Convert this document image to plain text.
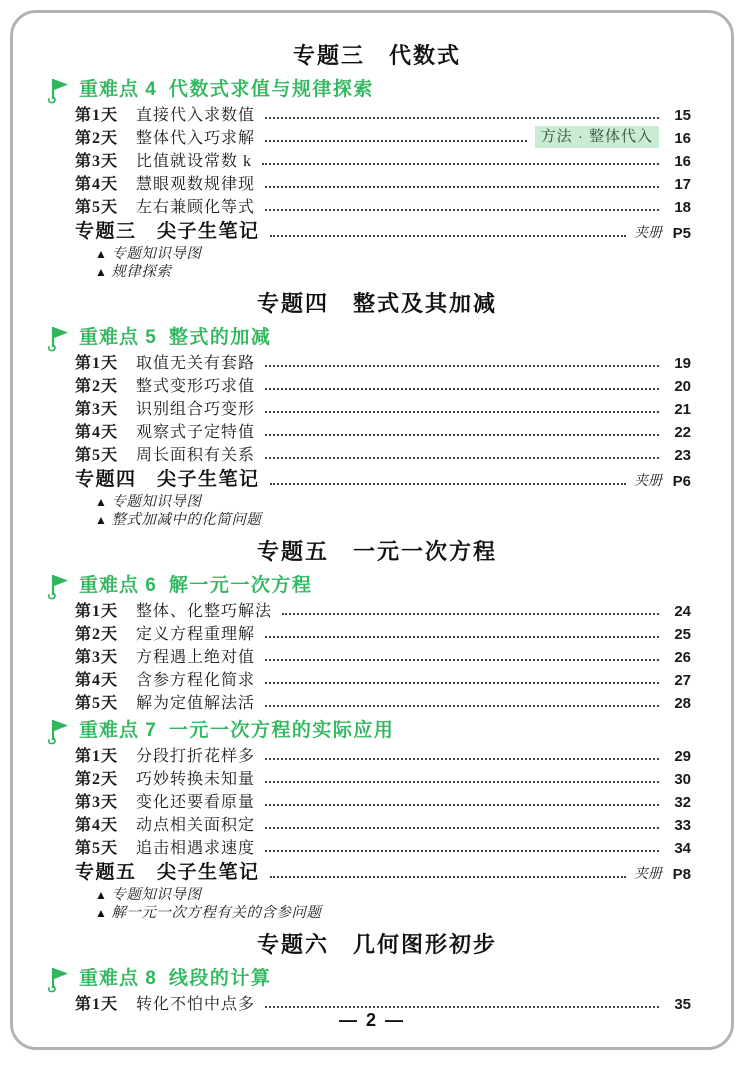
专题三　代数式
重难点 4 代数式求值与规律探索
第1天 直接代入求数值	15
第2天 整体代入巧求解	方法 · 整体代入	16
第3天 比值就设常数 k	16
第4天 慧眼观数规律现	17
第5天 左右兼顾化等式	18
专题三　尖子生笔记	夹册 P5
▲ 专题知识导图
▲ 规律探索
专题四　整式及其加减
重难点 5 整式的加减
第1天 取值无关有套路	19
第2天 整式变形巧求值	20
第3天 识别组合巧变形	21
第4天 观察式子定特值	22
第5天 周长面积有关系	23
专题四　尖子生笔记	夹册 P6
▲ 专题知识导图
▲ 整式加减中的化简问题
专题五　一元一次方程
重难点 6 解一元一次方程
第1天 整体、化整巧解法	24
第2天 定义方程重理解	25
第3天 方程遇上绝对值	26
第4天 含参方程化简求	27
第5天 解为定值解法活	28
重难点 7 一元一次方程的实际应用
第1天 分段打折花样多	29
第2天 巧妙转换未知量	30
第3天 变化还要看原量	32
第4天 动点相关面积定	33
第5天 追击相遇求速度	34
专题五　尖子生笔记	夹册 P8
▲ 专题知识导图
▲ 解一元一次方程有关的含参问题
专题六　几何图形初步
重难点 8 线段的计算
第1天 转化不怕中点多	35
— 2 —
